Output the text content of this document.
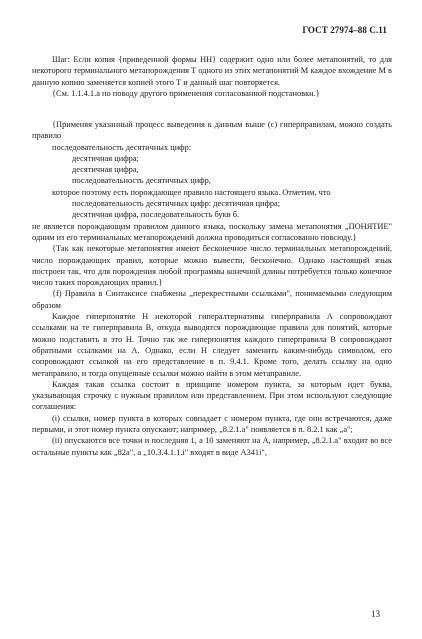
ГОСТ 27974–88 С.11

Шаг: Если копия {приведенной формы НН} содержит одно или более метапонятий, то для некоторого терминального метапорождения Т одного из этих метапонятий М каждое вхождение М в данную копию заменяется копией этого Т и данный шаг повторяется.

{См. 1.1.4.1.a по поводу другого применения согласованной подстановки.}

{Применяя указанный процесс выведения к данным выше (с) гиперправилам, можно создать правило

последовательность десятичных цифр:

десятичная цифра;

десятичная цифра,

последовательность десятичных цифр,

которое поэтому есть порождающее правило настоящего языка. Отметим, что

последовательность десятичных цифр: десятичная цифра;

десятичная цифра, последовательность букв б.

не является порождающим правилом данного языка, поскольку замена метапонятия „ПОНЯТИЕ" одним из его терминальных метапорождений должна проводиться согласованно повсюду.}

{Так как некоторые метапонятия имеют бесконечное число терминальных метапорождений, число порождающих правил, которые можно вывести, бесконечно. Однако настоящий язык построен так, что для порождения любой программы конечной длины потребуется только конечное число таких порождающих правил.}

{f) Правила в Синтаксисе снабжены „перекрестными ссылками", понимаемыми следующим образом

Каждое гиперпонятие Н некоторой гипералтернативы гиперправила А сопровождают ссылками на те гиперправила В, откуда выводятся порождающие правила для понятий, которые можно подставить в это Н. Точно так же гиперпонятия каждого гиперправила В сопровождают обратными ссылками на А. Однако, если Н следует заменить каким-нибудь символом, его сопровождают ссылкой на его представление в п. 9.4.1. Кроме того, делать ссылку на одно метаправило, и тогда опущенные ссылки можно найти в этом метаправиле.

Каждая такая ссылка состоит в принципе номером пункта, за которым идет буква, указывающая строчку с нужным правилом или представлением. При этом используют следующие соглашения:

(i) ссылки, номер пункта в которых совпадает с номером пункта, где они встречаются, даже первыми, и этот номер пункта опускают; например, „8.2.1.a" появляется в п. 8.2.1 как „a";

(ii) опускаются все точки и последняя 1, а 10 заменяют на А, например, „8.2.1.a" входит во все остальные пункты как „82a", а „10.3.4.1.1.i" входят в виде А341i",

13
